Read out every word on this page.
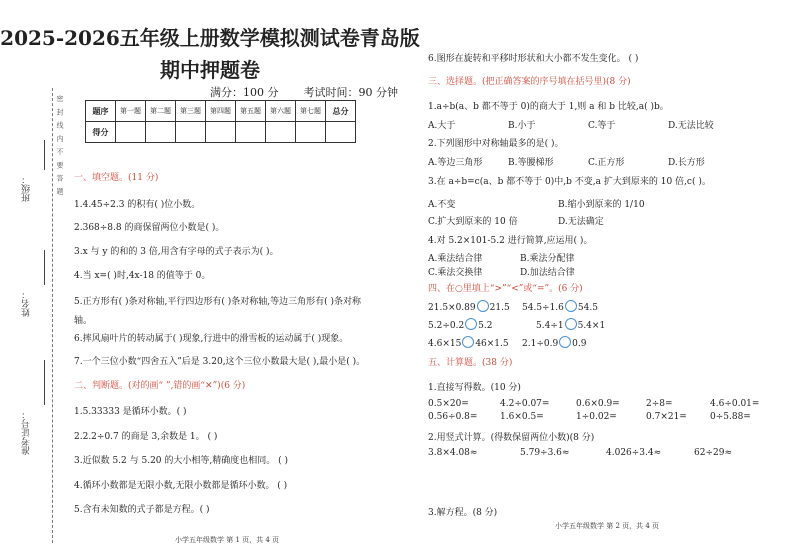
密 封 线 内 不 要 答 题
班级：
姓名：
准考证号：
2025-2026五年级上册数学模拟测试卷青岛版
期中押题卷
满分：100 分 考试时间：90 分钟
题序	第一题	第二题	第三题	第四题	第五题	第六题	第七题	总分
得分								
一、填空题。(11 分)
1.4.45÷2.3 的积有( )位小数。
2.368÷8.8 的商保留两位小数是( )。
3.x 与 y 的和的 3 倍,用含有字母的式子表示为( )。
4.当 x=( )时,4x-18 的值等于 0。
5.正方形有( )条对称轴,平行四边形有( )条对称轴,等边三角形有( )条对称
轴。
6.摔风扇叶片的转动属于( )现象,行进中的滑雪板的运动属于( )现象。
7.一个三位小数“四舍五入”后是 3.20,这个三位小数最大是( ),最小是( )。
二、判断题。(对的画“ ”,错的画“✕”)(6 分)
1.5.33333 是循环小数。( )
2.2.2÷0.7 的商是 3,余数是 1。 ( )
3.近似数 5.2 与 5.20 的大小相等,精确度也相同。 ( )
4.循环小数都是无限小数,无限小数都是循环小数。 ( )
5.含有未知数的式子都是方程。( )
小学五年级数学 第 1 页，共 4 页
6.图形在旋转和平移时形状和大小都不发生变化。 ( )
三、选择题。(把正确答案的序号填在括号里)(8 分)
1.a÷b(a、b 都不等于 0)的商大于 1,则 a 和 b 比较,a( )b。
A.大于	B.小于	C.等于	D.无法比较
2.下列图形中对称轴最多的是( )。
A.等边三角形	B.等腰梯形	C.正方形	D.长方形
3.在 a÷b=c(a、b 都不等于 0)中,b 不变,a 扩大到原来的 10 倍,c( )。
A.不变	B.缩小到原来的 1/10
C.扩大到原来的 10 倍	D.无法确定
4.对 5.2×101-5.2 进行简算,应运用( )。
A.乘法结合律	B.乘法分配律
C.乘法交换律	D.加法结合律
四、在○里填上“>”“<”或“=”。(6 分)
21.5×0.89 21.5 54.5÷1.6 54.5
5.2÷0.2 5.2	5.4÷1 5.4×1
4.6×15 46×1.5 2.1÷0.9 0.9
五、计算题。(38 分)
1.直接写得数。(10 分)
0.5×20=	4.2÷0.07=	0.6×0.9=	2÷8=	4.6÷0.01=
0.56÷0.8=	1.6×0.5=	1÷0.02=	0.7×21=	0÷5.88=
2.用竖式计算。(得数保留两位小数)(8 分)
3.8×4.08≈	5.79÷3.6≈	4.026÷3.4≈	62÷29≈
3.解方程。(8 分)
小学五年级数学 第 2 页，共 4 页
